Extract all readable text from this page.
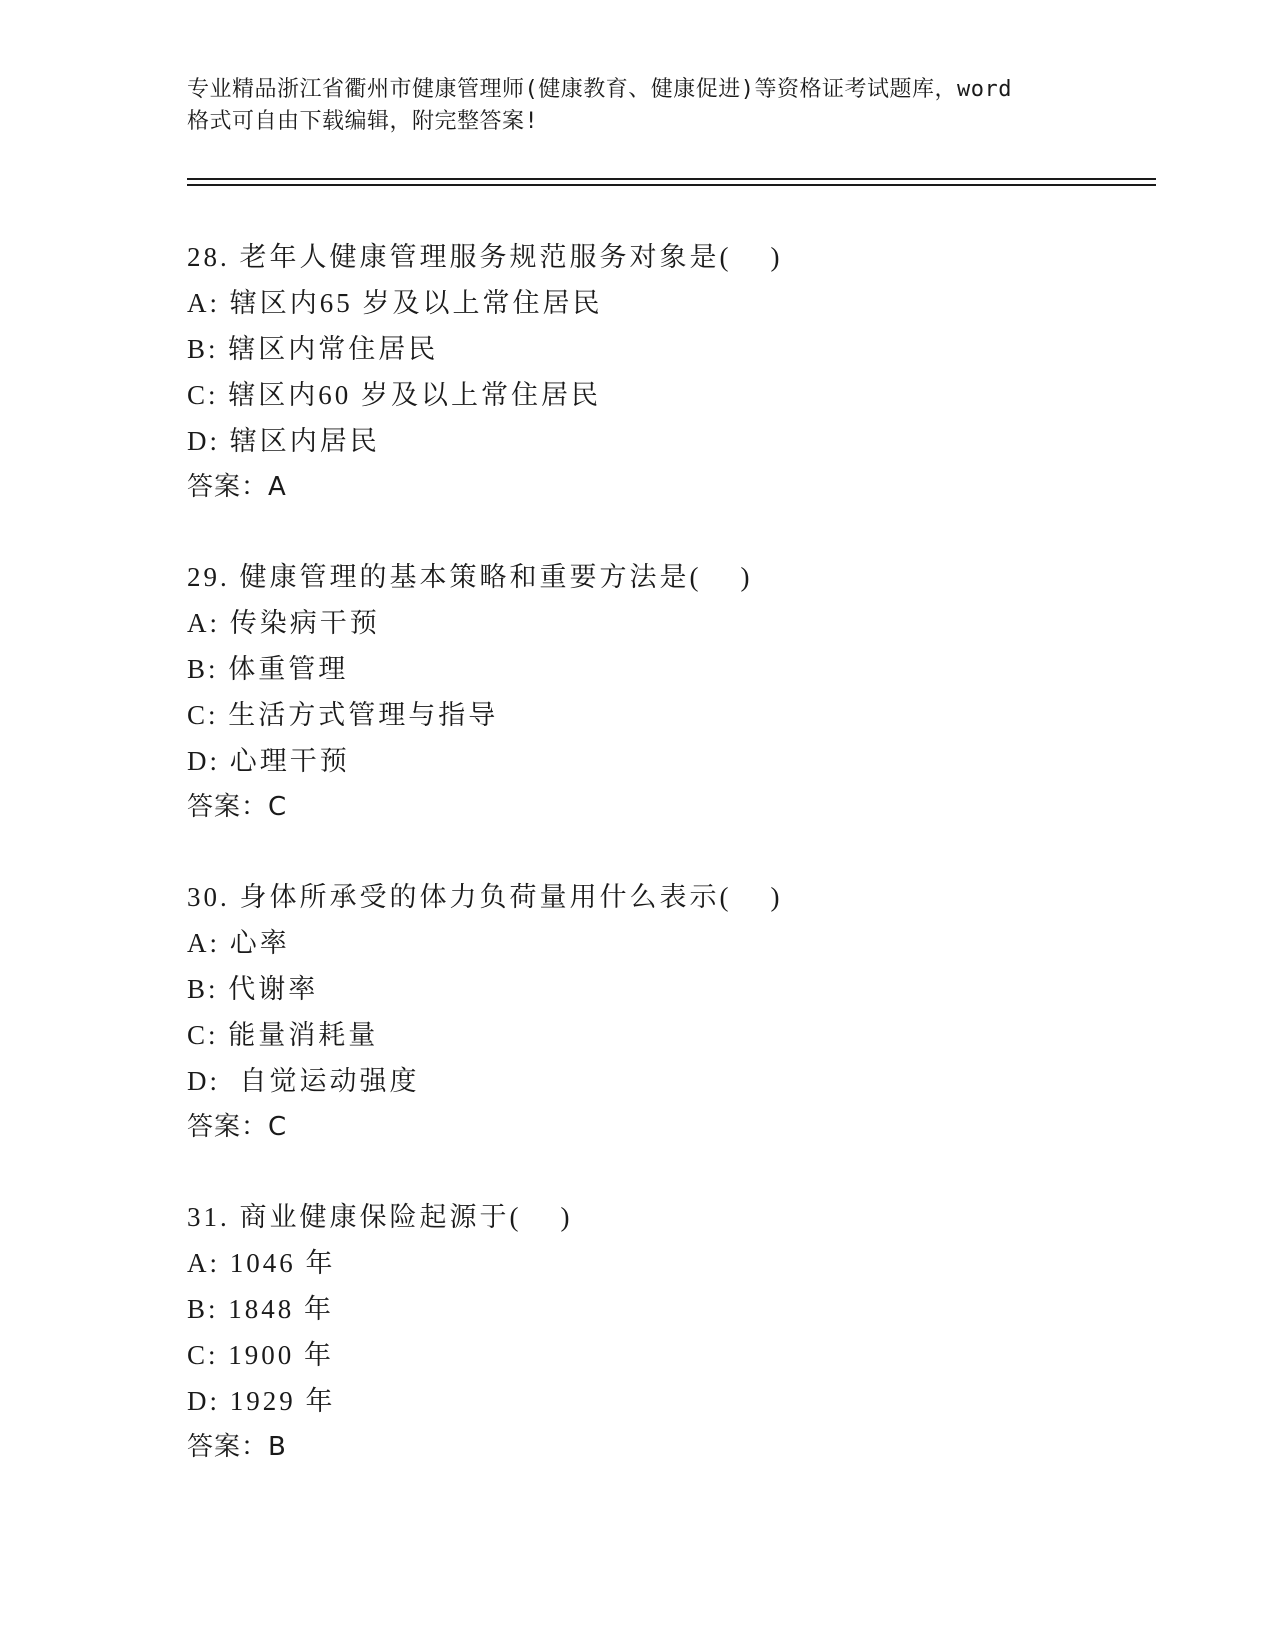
专业精品浙江省衢州市健康管理师(健康教育、健康促进)等资格证考试题库，word
格式可自由下载编辑，附完整答案!
28. 老年人健康管理服务规范服务对象是(    )
A: 辖区内65 岁及以上常住居民
B: 辖区内常住居民
C: 辖区内60 岁及以上常住居民
D: 辖区内居民
答案：A
29. 健康管理的基本策略和重要方法是(    )
A: 传染病干预
B: 体重管理
C: 生活方式管理与指导
D: 心理干预
答案：C
30. 身体所承受的体力负荷量用什么表示(    )
A: 心率
B: 代谢率
C: 能量消耗量
D:  自觉运动强度
答案：C
31. 商业健康保险起源于(    )
A: 1046 年
B: 1848 年
C: 1900 年
D: 1929 年
答案：B
